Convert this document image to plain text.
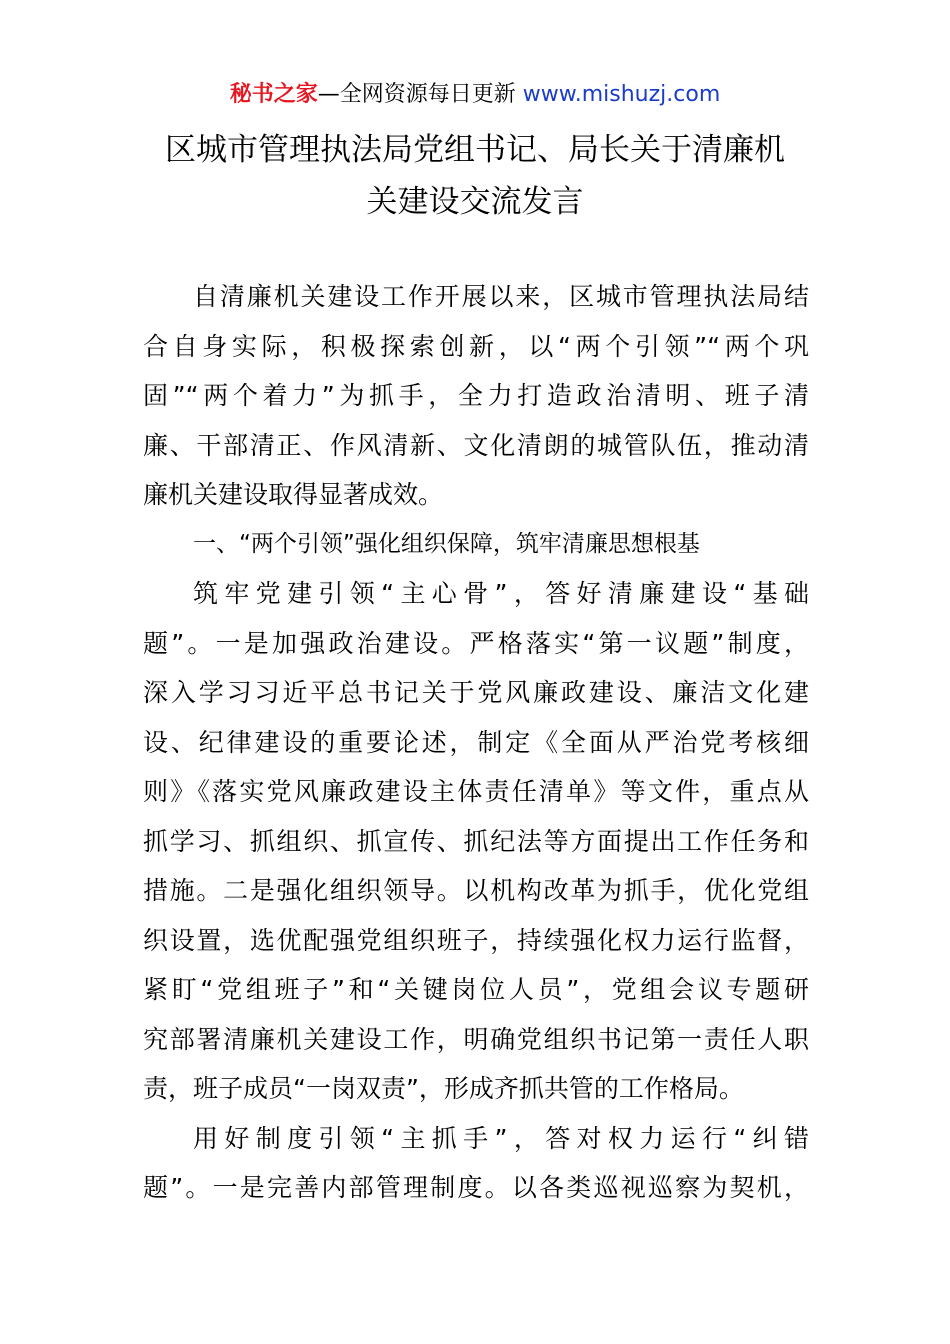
秘书之家—全网资源每日更新 www.mishuzj.com
区城市管理执法局党组书记、局长关于清廉机
关建设交流发言
自清廉机关建设工作开展以来，区城市管理执法局结
合自身实际，积极探索创新，以“两个引领”“两个巩
固”“两个着力”为抓手，全力打造政治清明、班子清
廉、干部清正、作风清新、文化清朗的城管队伍，推动清
廉机关建设取得显著成效。
一、“两个引领”强化组织保障，筑牢清廉思想根基
筑牢党建引领“主心骨”，答好清廉建设“基础
题”。一是加强政治建设。严格落实“第一议题”制度，
深入学习习近平总书记关于党风廉政建设、廉洁文化建
设、纪律建设的重要论述，制定《全面从严治党考核细
则》《落实党风廉政建设主体责任清单》等文件，重点从
抓学习、抓组织、抓宣传、抓纪法等方面提出工作任务和
措施。二是强化组织领导。以机构改革为抓手，优化党组
织设置，选优配强党组织班子，持续强化权力运行监督，
紧盯“党组班子”和“关键岗位人员”，党组会议专题研
究部署清廉机关建设工作，明确党组织书记第一责任人职
责，班子成员“一岗双责”，形成齐抓共管的工作格局。
用好制度引领“主抓手”，答对权力运行“纠错
题”。一是完善内部管理制度。以各类巡视巡察为契机，
